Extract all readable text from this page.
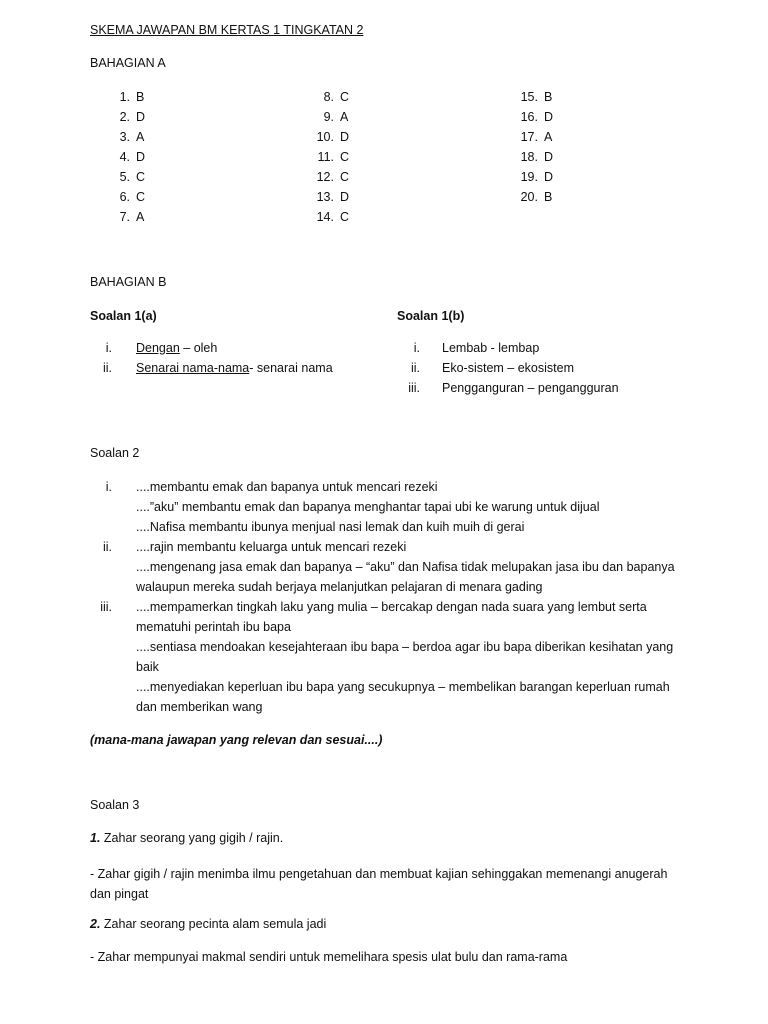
SKEMA JAWAPAN BM KERTAS 1 TINGKATAN 2
BAHAGIAN A
1. B
2. D
3. A
4. D
5. C
6. C
7. A
8. C
9. A
10. D
11. C
12. C
13. D
14. C
15. B
16. D
17. A
18. D
19. D
20. B
BAHAGIAN B
Soalan 1(a)	Soalan 1(b)
i. Dengan – oleh
ii. Senarai nama-nama- senarai nama
i. Lembab - lembap
ii. Eko-sistem – ekosistem
iii. Pengganguran – pengangguran
Soalan 2
i.
ii.
iii.
....membantu emak dan bapanya untuk mencari rezeki
....”aku” membantu emak dan bapanya menghantar tapai ubi ke warung untuk dijual
....Nafisa membantu ibunya menjual nasi lemak dan kuih muih di gerai
....rajin membantu keluarga untuk mencari rezeki
....mengenang jasa emak dan bapanya – “aku” dan Nafisa tidak melupakan jasa ibu dan bapanya
walaupun mereka sudah berjaya melanjutkan pelajaran di menara gading
....mempamerkan tingkah laku yang mulia – bercakap dengan nada suara yang lembut serta
mematuhi perintah ibu bapa
....sentiasa mendoakan kesejahteraan ibu bapa – berdoa agar ibu bapa diberikan kesihatan yang
baik
....menyediakan keperluan ibu bapa yang secukupnya – membelikan barangan keperluan rumah
dan memberikan wang
(mana-mana jawapan yang relevan dan sesuai....)
Soalan 3
1. Zahar seorang yang gigih / rajin.
- Zahar gigih / rajin menimba ilmu pengetahuan dan membuat kajian sehinggakan memenangi anugerah dan pingat
2. Zahar seorang pecinta alam semula jadi
- Zahar mempunyai makmal sendiri untuk memelihara spesis ulat bulu dan rama-rama
